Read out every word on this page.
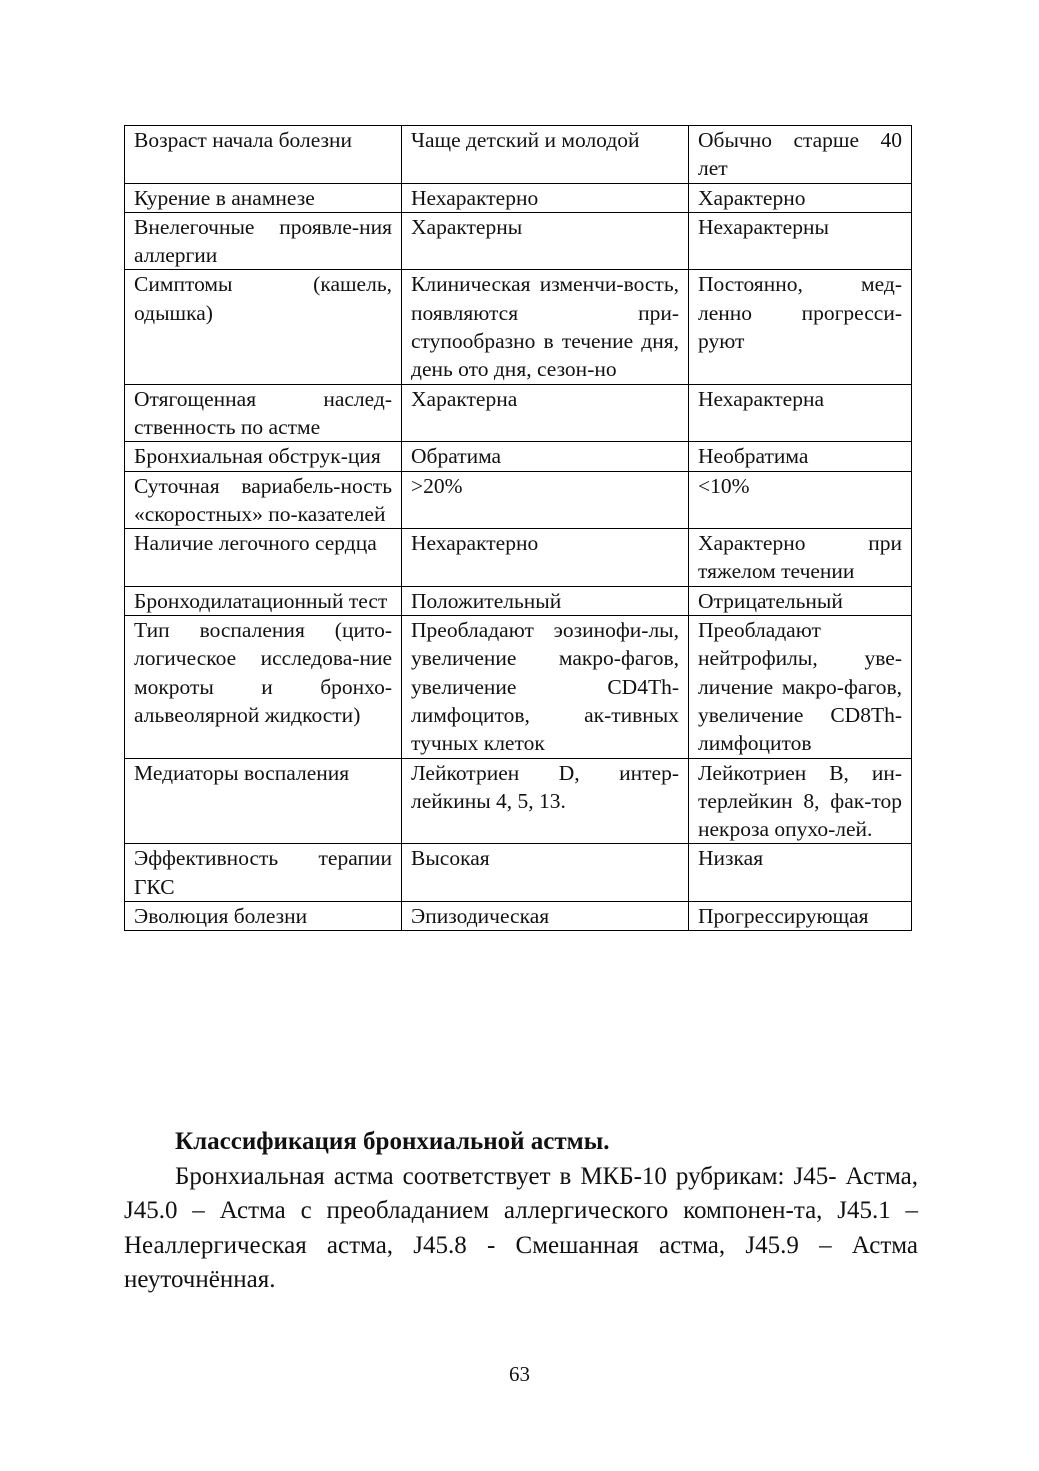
Возраст начала болезни	Чаще детский и молодой	Обычно старше 40 лет
Курение в анамнезе	Нехарактерно	Характерно
Внелегочные проявле-ния аллергии	Характерны	Нехарактерны
Симптомы (кашель, одышка)	Клиническая изменчи-вость, появляются при-ступообразно в течение дня, день ото дня, сезон-но	Постоянно, мед-ленно прогресси-руют
Отягощенная наслед-ственность по астме	Характерна	Нехарактерна
Бронхиальная обструк-ция	Обратима	Необратима
Суточная вариабель-ность «скоростных» по-казателей	>20%	<10%
Наличие легочного сердца	Нехарактерно	Характерно при тяжелом течении
Бронходилатационный тест	Положительный	Отрицательный
Тип воспаления (цито-логическое исследова-ние мокроты и бронхо-альвеолярной жидкости)	Преобладают эозинофи-лы, увеличение макро-фагов, увеличение CD4Th-лимфоцитов, ак-тивных тучных клеток	Преобладают нейтрофилы, уве-личение макро-фагов, увеличение CD8Th-лимфоцитов
Медиаторы воспаления	Лейкотриен D, интер-лейкины 4, 5, 13.	Лейкотриен В, ин-терлейкин 8, фак-тор некроза опухо-лей.
Эффективность терапии ГКС	Высокая	Низкая
Эволюция болезни	Эпизодическая	Прогрессирующая
Классификация бронхиальной астмы.

Бронхиальная астма соответствует в МКБ-10 рубрикам: J45- Астма, J45.0 – Астма с преобладанием аллергического компонен-та, J45.1 – Неаллергическая астма, J45.8 - Смешанная астма, J45.9 – Астма неуточнённая.

63
